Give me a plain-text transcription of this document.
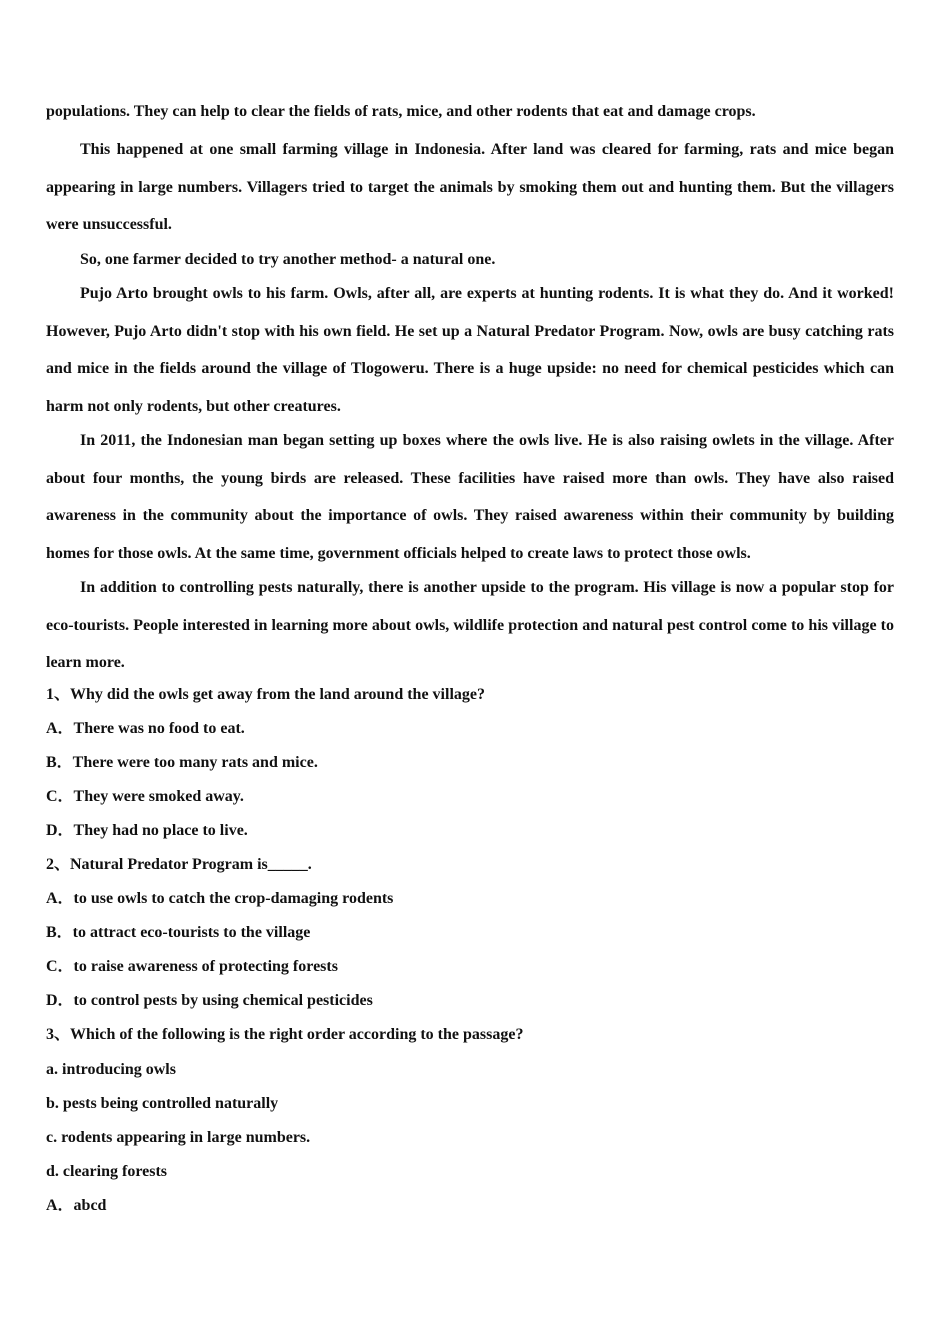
populations. They can help to clear the fields of rats, mice, and other rodents that eat and damage crops.

This happened at one small farming village in Indonesia. After land was cleared for farming, rats and mice began appearing in large numbers. Villagers tried to target the animals by smoking them out and hunting them. But the villagers were unsuccessful.

So, one farmer decided to try another method- a natural one.

Pujo Arto brought owls to his farm. Owls, after all, are experts at hunting rodents. It is what they do. And it worked! However, Pujo Arto didn't stop with his own field. He set up a Natural Predator Program. Now, owls are busy catching rats and mice in the fields around the village of Tlogoweru. There is a huge upside: no need for chemical pesticides which can harm not only rodents, but other creatures.

In 2011, the Indonesian man began setting up boxes where the owls live. He is also raising owlets in the village. After about four months, the young birds are released. These facilities have raised more than owls. They have also raised awareness in the community about the importance of owls. They raised awareness within their community by building homes for those owls. At the same time, government officials helped to create laws to protect those owls.

In addition to controlling pests naturally, there is another upside to the program. His village is now a popular stop for eco-tourists. People interested in learning more about owls, wildlife protection and natural pest control come to his village to learn more.

1、Why did the owls get away from the land around the village?

A．There was no food to eat.

B．There were too many rats and mice.

C．They were smoked away.

D．They had no place to live.

2、Natural Predator Program is_____.

A．to use owls to catch the crop-damaging rodents

B．to attract eco-tourists to the village

C．to raise awareness of protecting forests

D．to control pests by using chemical pesticides

3、Which of the following is the right order according to the passage?

a. introducing owls

b. pests being controlled naturally

c. rodents appearing in large numbers.

d. clearing forests

A．abcd
